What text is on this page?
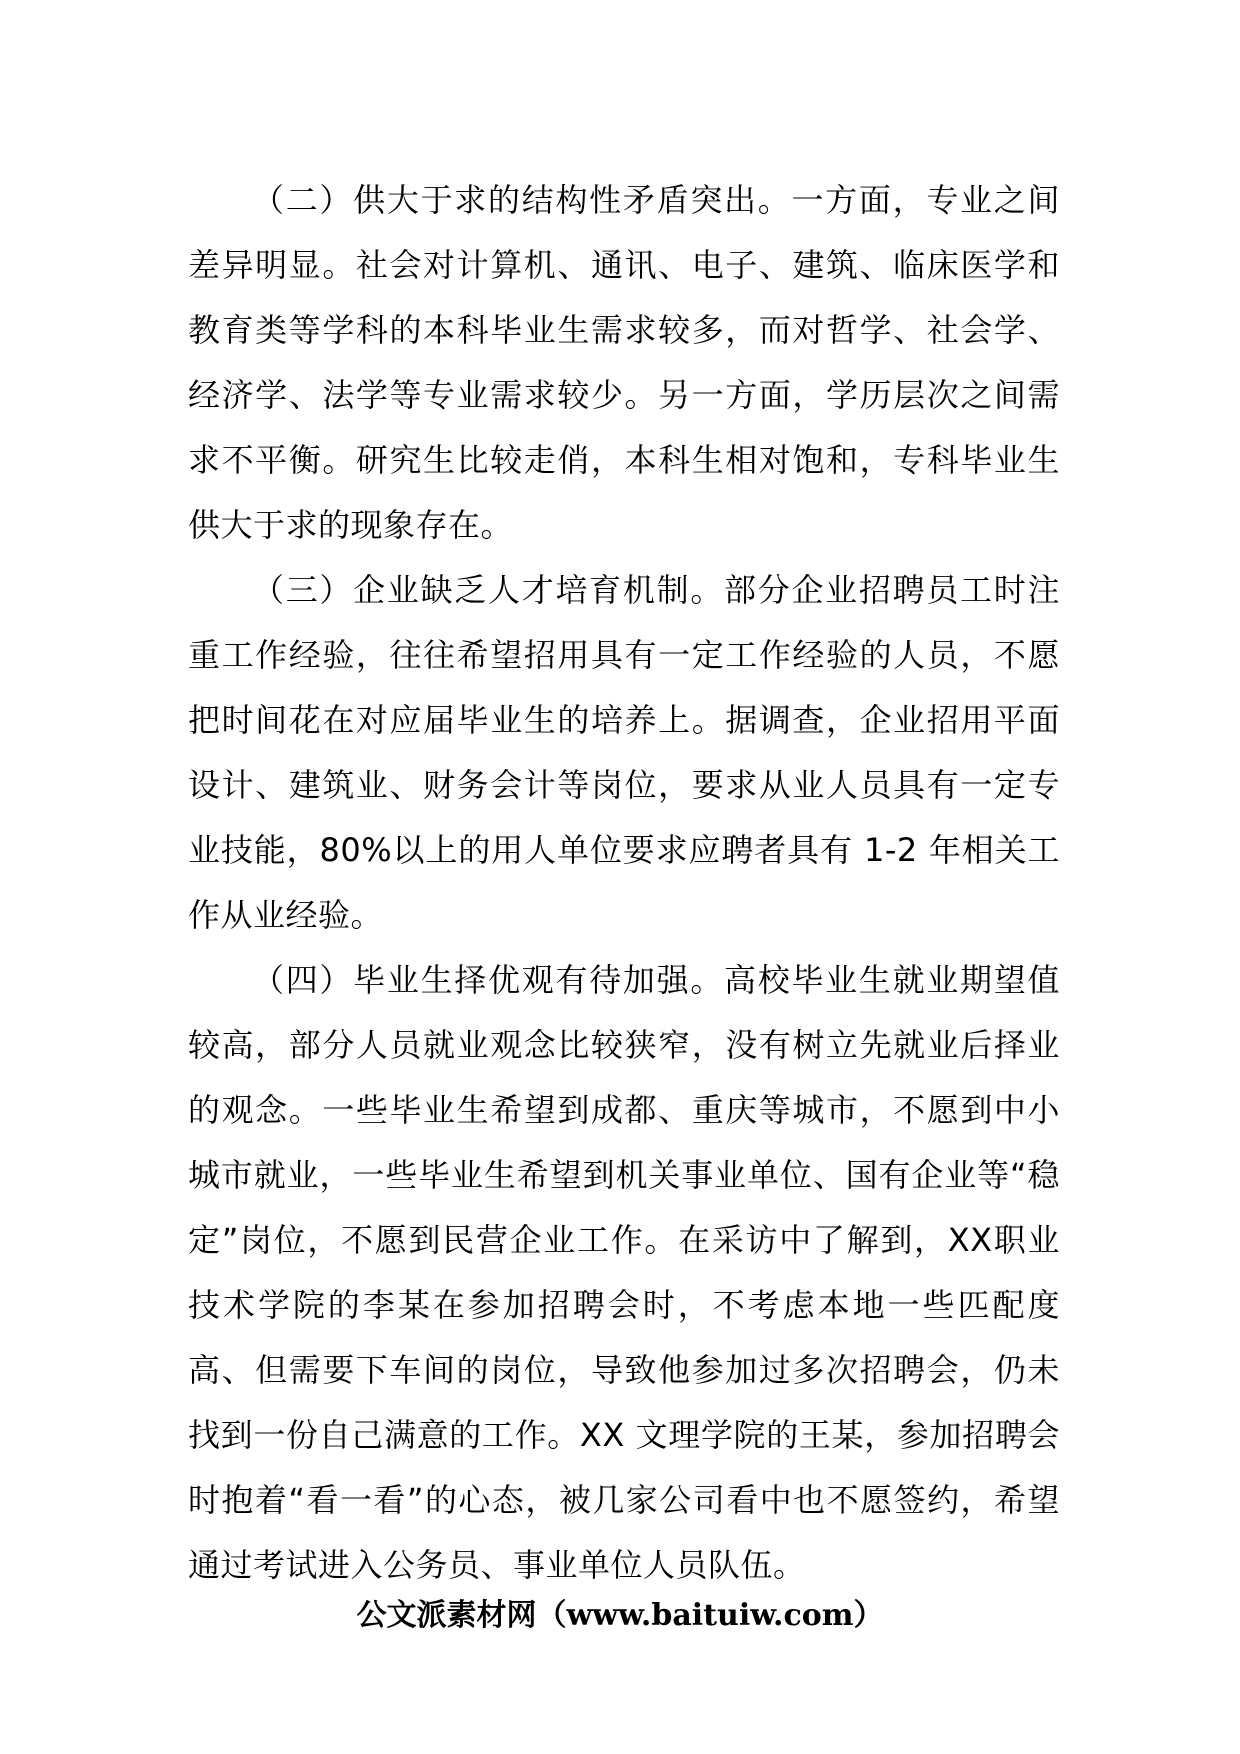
（二）供大于求的结构性矛盾突出。一方面，专业之间差异明显。社会对计算机、通讯、电子、建筑、临床医学和教育类等学科的本科毕业生需求较多，而对哲学、社会学、经济学、法学等专业需求较少。另一方面，学历层次之间需求不平衡。研究生比较走俏，本科生相对饱和，专科毕业生供大于求的现象存在。

（三）企业缺乏人才培育机制。部分企业招聘员工时注重工作经验，往往希望招用具有一定工作经验的人员，不愿把时间花在对应届毕业生的培养上。据调查，企业招用平面设计、建筑业、财务会计等岗位，要求从业人员具有一定专业技能，80%以上的用人单位要求应聘者具有 1-2 年相关工作从业经验。

（四）毕业生择优观有待加强。高校毕业生就业期望值较高，部分人员就业观念比较狭窄，没有树立先就业后择业的观念。一些毕业生希望到成都、重庆等城市，不愿到中小城市就业，一些毕业生希望到机关事业单位、国有企业等“稳定”岗位，不愿到民营企业工作。在采访中了解到，XX职业技术学院的李某在参加招聘会时，不考虑本地一些匹配度高、但需要下车间的岗位，导致他参加过多次招聘会，仍未找到一份自己满意的工作。XX 文理学院的王某，参加招聘会时抱着“看一看”的心态，被几家公司看中也不愿签约，希望通过考试进入公务员、事业单位人员队伍。

公文派素材网（www.baituiw.com）
